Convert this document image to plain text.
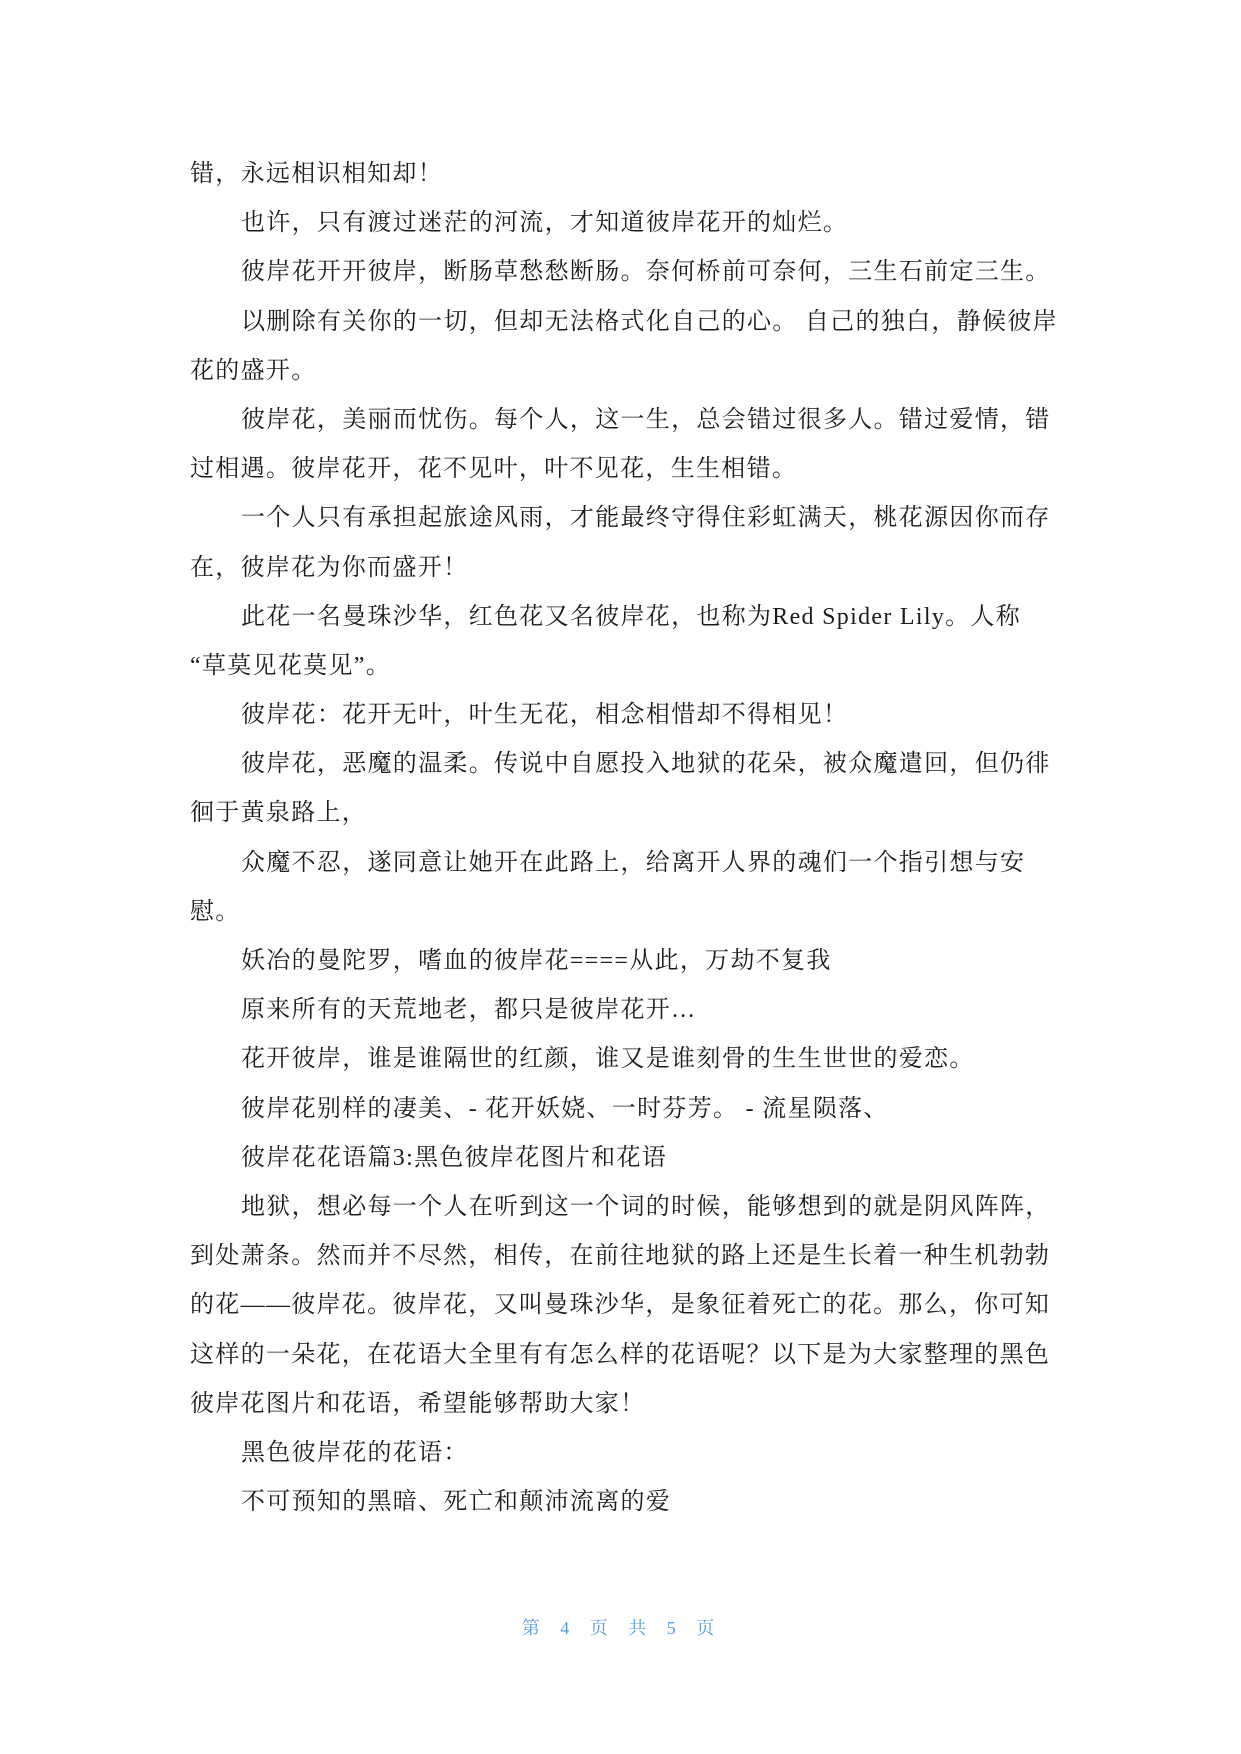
错，永远相识相知却！
也许，只有渡过迷茫的河流，才知道彼岸花开的灿烂。
彼岸花开开彼岸，断肠草愁愁断肠。奈何桥前可奈何，三生石前定三生。
以删除有关你的一切，但却无法格式化自己的心。 自己的独白，静候彼岸
花的盛开。
彼岸花，美丽而忧伤。每个人，这一生，总会错过很多人。错过爱情，错
过相遇。彼岸花开，花不见叶，叶不见花，生生相错。
一个人只有承担起旅途风雨，才能最终守得住彩虹满天，桃花源因你而存
在，彼岸花为你而盛开！
此花一名曼珠沙华，红色花又名彼岸花，也称为Red Spider Lily。人称
“草莫见花莫见”。
彼岸花：花开无叶，叶生无花，相念相惜却不得相见！
彼岸花，恶魔的温柔。传说中自愿投入地狱的花朵，被众魔遣回，但仍徘
徊于黄泉路上，
众魔不忍，遂同意让她开在此路上，给离开人界的魂们一个指引想与安
慰。
妖冶的曼陀罗，嗜血的彼岸花====从此，万劫不复我
原来所有的天荒地老，都只是彼岸花开…
花开彼岸，谁是谁隔世的红颜，谁又是谁刻骨的生生世世的爱恋。
彼岸花别样的凄美、- 花开妖娆、一时芬芳。 - 流星陨落、
彼岸花花语篇3:黑色彼岸花图片和花语
地狱，想必每一个人在听到这一个词的时候，能够想到的就是阴风阵阵，
到处萧条。然而并不尽然，相传，在前往地狱的路上还是生长着一种生机勃勃
的花——彼岸花。彼岸花，又叫曼珠沙华，是象征着死亡的花。那么，你可知
这样的一朵花，在花语大全里有有怎么样的花语呢？以下是为大家整理的黑色
彼岸花图片和花语，希望能够帮助大家！
黑色彼岸花的花语：
不可预知的黑暗、死亡和颠沛流离的爱
第 4 页 共 5 页
